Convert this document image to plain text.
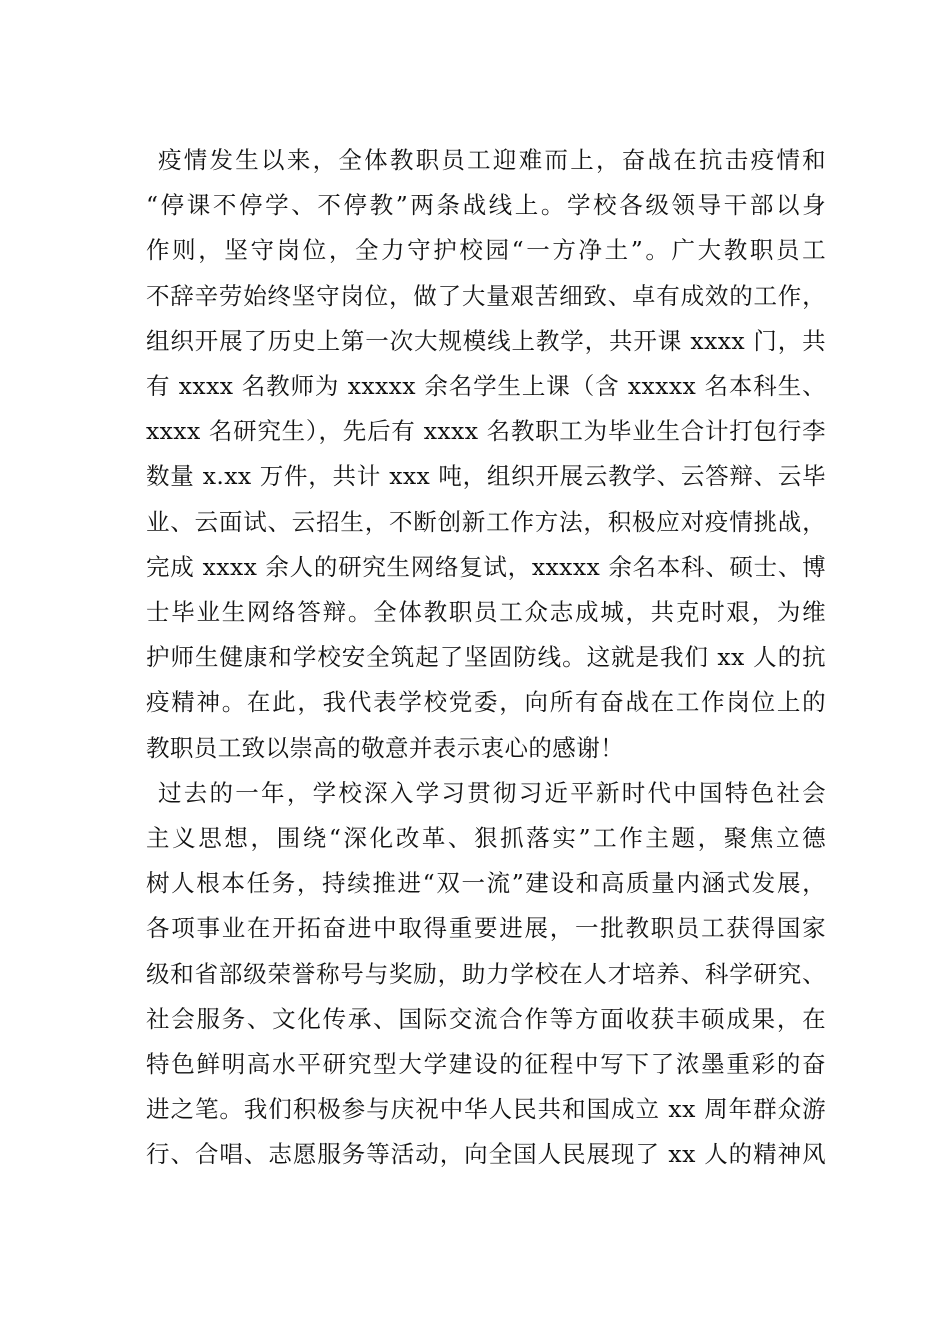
疫情发生以来，全体教职员工迎难而上，奋战在抗击疫情和

“停课不停学、不停教”两条战线上。学校各级领导干部以身

作则，坚守岗位，全力守护校园“一方净土”。广大教职员工

不辞辛劳始终坚守岗位，做了大量艰苦细致、卓有成效的工作，

组织开展了历史上第一次大规模线上教学，共开课 xxxx 门，共

有 xxxx 名教师为 xxxxx 余名学生上课（含 xxxxx 名本科生、

xxxx 名研究生），先后有 xxxx 名教职工为毕业生合计打包行李

数量 x.xx 万件，共计 xxx 吨，组织开展云教学、云答辩、云毕

业、云面试、云招生，不断创新工作方法，积极应对疫情挑战，

完成 xxxx 余人的研究生网络复试，xxxxx 余名本科、硕士、博

士毕业生网络答辩。全体教职员工众志成城，共克时艰，为维

护师生健康和学校安全筑起了坚固防线。这就是我们 xx 人的抗

疫精神。在此，我代表学校党委，向所有奋战在工作岗位上的

教职员工致以崇高的敬意并表示衷心的感谢！

过去的一年，学校深入学习贯彻习近平新时代中国特色社会

主义思想，围绕“深化改革、狠抓落实”工作主题，聚焦立德

树人根本任务，持续推进“双一流”建设和高质量内涵式发展，

各项事业在开拓奋进中取得重要进展，一批教职员工获得国家

级和省部级荣誉称号与奖励，助力学校在人才培养、科学研究、

社会服务、文化传承、国际交流合作等方面收获丰硕成果，在

特色鲜明高水平研究型大学建设的征程中写下了浓墨重彩的奋

进之笔。我们积极参与庆祝中华人民共和国成立 xx 周年群众游

行、合唱、志愿服务等活动，向全国人民展现了 xx 人的精神风
